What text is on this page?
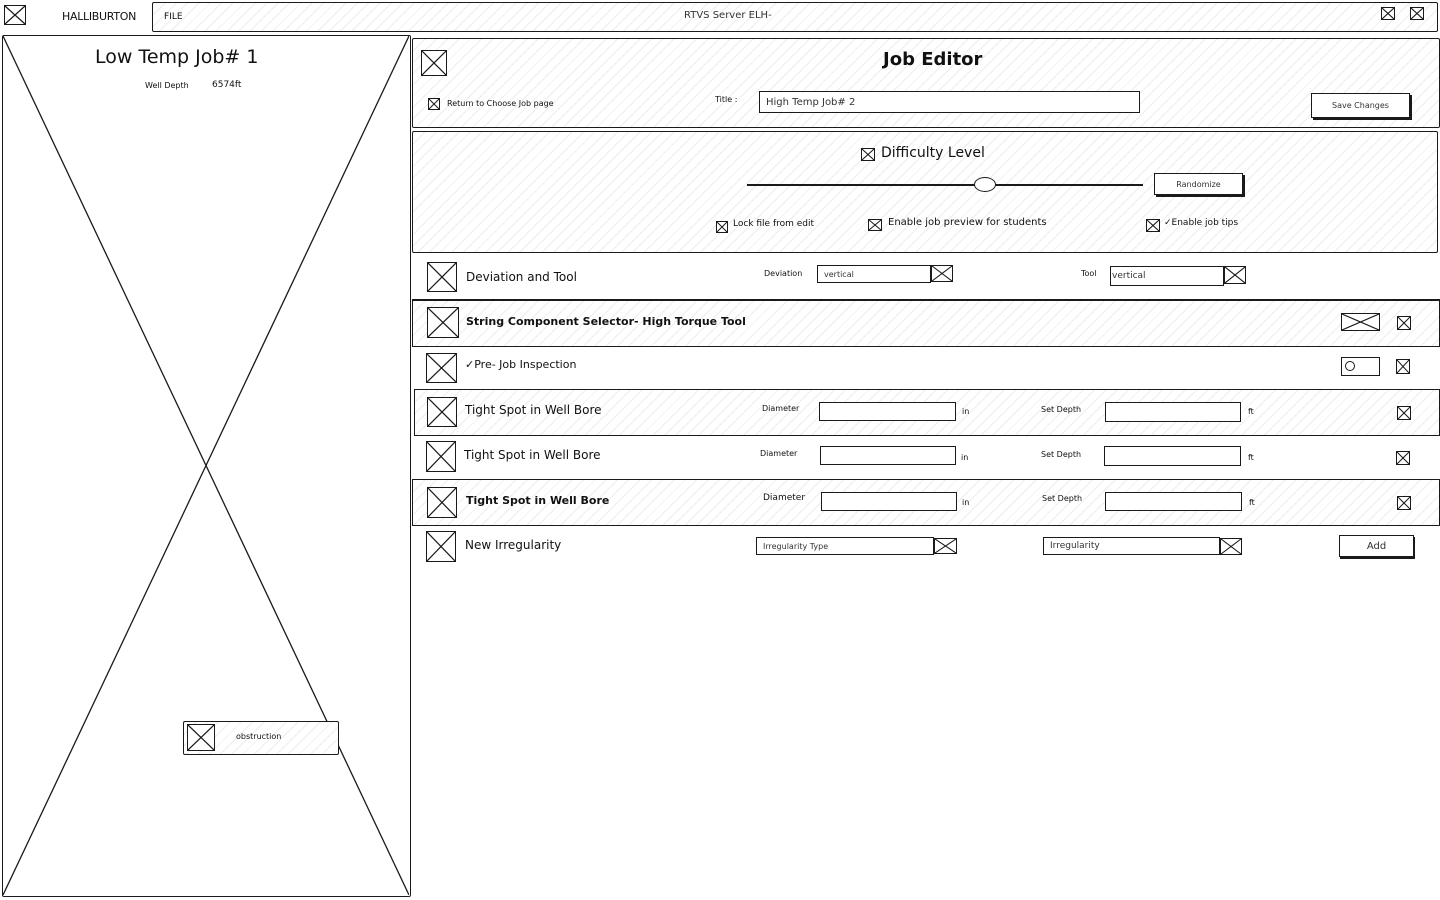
HALLIBURTON	FILE	RTVS Server ELH-
Low Temp Job# 1
Well Depth	6574ft
obstruction
Job Editor
Return to Choose Job page	Title :	High Temp Job# 2	Save Changes
Difficulty Level
Randomize
Lock file from edit	Enable job preview for students	✓Enable job tips
Deviation and Tool	Deviation	vertical	Tool vertical
String Component Selector- High Torque Tool
✓Pre- Job Inspection
Tight Spot in Well Bore	Diameter	in	Set Depth	ft
Tight Spot in Well Bore	Diameter	in	Set Depth	ft
Tight Spot in Well Bore	Diameter	in	Set Depth	ft
New Irregularity	Irregularity Type	Irregularity	Add
